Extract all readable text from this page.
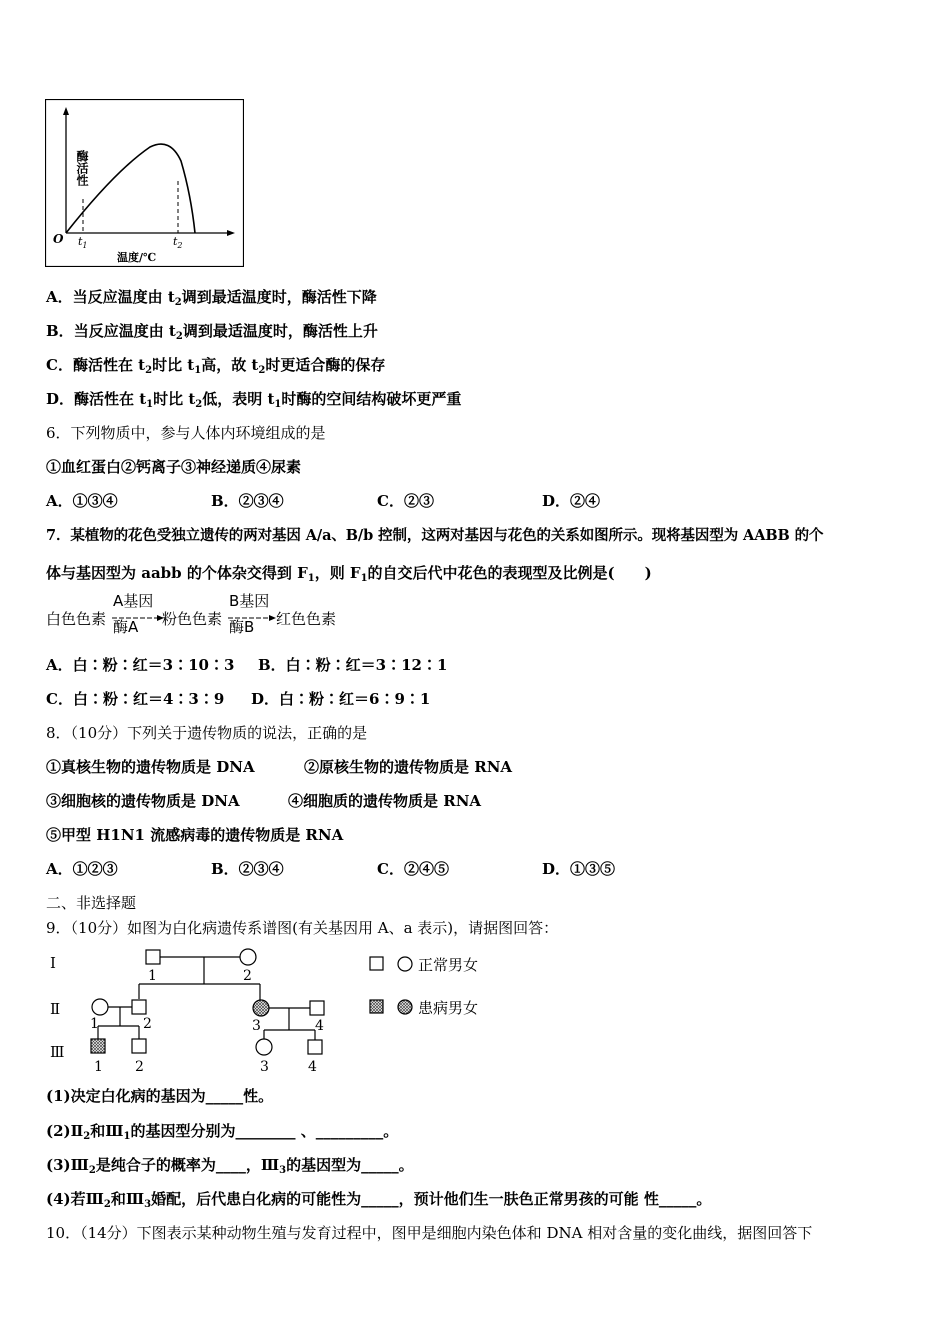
酶活性
O $t_1$	$t_2$
温度/℃
A．当反应温度由 $t_2$调到最适温度时，酶活性下降
B．当反应温度由 $t_2$调到最适温度时，酶活性上升
C．酶活性在 $t_2$时比 $t_1$高，故 $t_2$时更适合酶的保存
D．酶活性在 $t_1$时比 $t_2$低，表明 $t_1$时酶的空间结构破坏更严重
6．下列物质中，参与人体内环境组成的是
①血红蛋白②钙离子③神经递质④尿素
A．①③④	B．②③④	C．②③	D．②④
7．某植物的花色受独立遗传的两对基因 A/a、B/b 控制，这两对基因与花色的关系如图所示。现将基因型为 AABB 的个
体与基因型为 aabb 的个体杂交得到 $F_1$，则 $F_1$的自交后代中花色的表现型及比例是(　　)
白色色素
A基因
酶A 粉色色素
B基因
酶B 红色色素
A．白∶粉∶红＝3∶10∶3 B．白∶粉∶红＝3∶12∶1
C．白∶粉∶红＝4∶3∶9 D．白∶粉∶红＝6∶9∶1
8．（10分）下列关于遗传物质的说法，正确的是
①真核生物的遗传物质是 DNA	②原核生物的遗传物质是 RNA
③细胞核的遗传物质是 DNA	④细胞质的遗传物质是 RNA
⑤甲型 H1N1 流感病毒的遗传物质是 RNA
A．①②③	B．②③④	C．②④⑤	D．①③⑤
二、非选择题
9．（10分）如图为白化病遗传系谱图(有关基因用 A、a 表示)，请据图回答：
Ⅰ
Ⅱ
Ⅲ
1	2
1	2	3	4
1 2	3	4
正常男女
患病男女
(1)决定白化病的基因为_____性。
$(2)Ⅱ_2$和$Ⅲ_1$的基因型分别为________ 、_________。
$(3)Ⅲ_2$是纯合子的概率为____，$Ⅲ_3$的基因型为_____。
(4)若$Ⅲ_2$和$Ⅲ_3$婚配，后代患白化病的可能性为_____，预计他们生一肤色正常男孩的可能 性_____。
10．（14分）下图表示某种动物生殖与发育过程中，图甲是细胞内染色体和 DNA 相对含量的变化曲线，据图回答下
